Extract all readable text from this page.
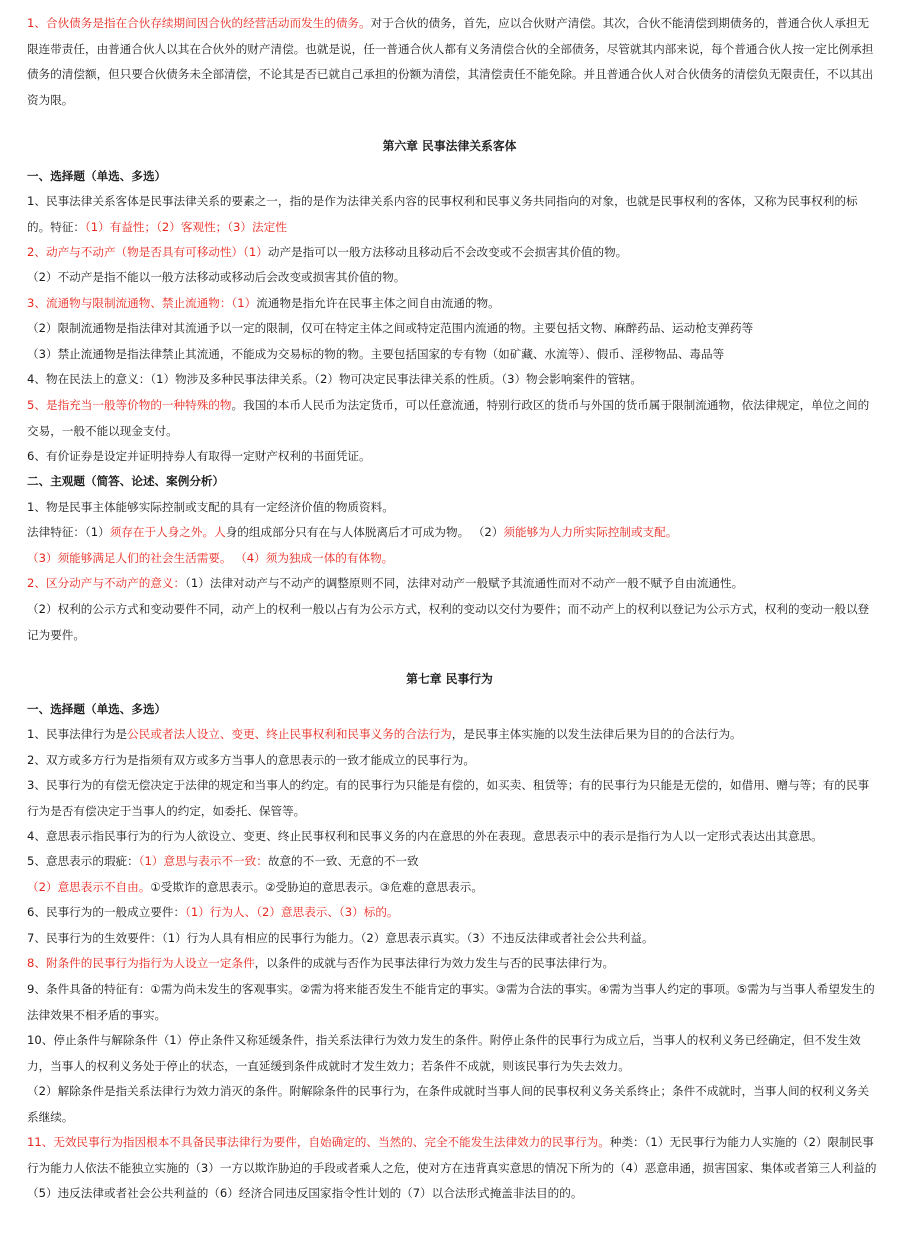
1、合伙债务是指在合伙存续期间因合伙的经营活动而发生的债务。对于合伙的债务，首先，应以合伙财产清偿。其次，合伙不能清偿到期债务的，普通合伙人承担无限连带责任，由普通合伙人以其在合伙外的财产清偿。也就是说，任一普通合伙人都有义务清偿合伙的全部债务，尽管就其内部来说，每个普通合伙人按一定比例承担债务的清偿额，但只要合伙债务未全部清偿，不论其是否已就自己承担的份额为清偿，其清偿责任不能免除。并且普通合伙人对合伙债务的清偿负无限责任，不以其出资为限。

第六章 民事法律关系客体

一、选择题（单选、多选）

1、民事法律关系客体是民事法律关系的要素之一，指的是作为法律关系内容的民事权利和民事义务共同指向的对象，也就是民事权利的客体，又称为民事权利的标的。特征：（1）有益性；（2）客观性；（3）法定性

2、动产与不动产（物是否具有可移动性）（1）动产是指可以一般方法移动且移动后不会改变或不会损害其价值的物。

（2）不动产是指不能以一般方法移动或移动后会改变或损害其价值的物。

3、流通物与限制流通物、禁止流通物：（1）流通物是指允许在民事主体之间自由流通的物。

（2）限制流通物是指法律对其流通予以一定的限制，仅可在特定主体之间或特定范围内流通的物。主要包括文物、麻醉药品、运动枪支弹药等

（3）禁止流通物是指法律禁止其流通，不能成为交易标的物的物。主要包括国家的专有物（如矿藏、水流等）、假币、淫秽物品、毒品等

4、物在民法上的意义：（1）物涉及多种民事法律关系。（2）物可决定民事法律关系的性质。（3）物会影响案件的管辖。

5、是指充当一般等价物的一种特殊的物。我国的本币人民币为法定货币，可以任意流通，特别行政区的货币与外国的货币属于限制流通物，依法律规定，单位之间的交易，一般不能以现金支付。

6、有价证券是设定并证明持券人有取得一定财产权利的书面凭证。

二、主观题（简答、论述、案例分析）

1、物是民事主体能够实际控制或支配的具有一定经济价值的物质资料。

法律特征：（1）须存在于人身之外。人身的组成部分只有在与人体脱离后才可成为物。 （2）须能够为人力所实际控制或支配。

（3）须能够满足人们的社会生活需要。 （4）须为独成一体的有体物。

2、区分动产与不动产的意义：（1）法律对动产与不动产的调整原则不同，法律对动产一般赋予其流通性而对不动产一般不赋予自由流通性。

（2）权利的公示方式和变动要件不同，动产上的权利一般以占有为公示方式，权利的变动以交付为要件；而不动产上的权利以登记为公示方式，权利的变动一般以登记为要件。

第七章 民事行为

一、选择题（单选、多选）

1、民事法律行为是公民或者法人设立、变更、终止民事权利和民事义务的合法行为，是民事主体实施的以发生法律后果为目的的合法行为。

2、双方或多方行为是指须有双方或多方当事人的意思表示的一致才能成立的民事行为。

3、民事行为的有偿无偿决定于法律的规定和当事人的约定。有的民事行为只能是有偿的，如买卖、租赁等；有的民事行为只能是无偿的，如借用、赠与等；有的民事行为是否有偿决定于当事人的约定，如委托、保管等。

4、意思表示指民事行为的行为人欲设立、变更、终止民事权利和民事义务的内在意思的外在表现。意思表示中的表示是指行为人以一定形式表达出其意思。

5、意思表示的瑕疵：（1）意思与表示不一致：故意的不一致、无意的不一致

（2）意思表示不自由。①受欺诈的意思表示。②受胁迫的意思表示。③危难的意思表示。

6、民事行为的一般成立要件：（1）行为人、（2）意思表示、（3）标的。

7、民事行为的生效要件：（1）行为人具有相应的民事行为能力。（2）意思表示真实。（3）不违反法律或者社会公共利益。

8、附条件的民事行为指行为人设立一定条件，以条件的成就与否作为民事法律行为效力发生与否的民事法律行为。

9、条件具备的特征有：①需为尚未发生的客观事实。②需为将来能否发生不能肯定的事实。③需为合法的事实。④需为当事人约定的事项。⑤需为与当事人希望发生的法律效果不相矛盾的事实。

10、停止条件与解除条件（1）停止条件又称延缓条件，指关系法律行为效力发生的条件。附停止条件的民事行为成立后，当事人的权利义务已经确定，但不发生效力，当事人的权利义务处于停止的状态，一直延缓到条件成就时才发生效力；若条件不成就，则该民事行为失去效力。

（2）解除条件是指关系法律行为效力消灭的条件。附解除条件的民事行为，在条件成就时当事人间的民事权利义务关系终止；条件不成就时，当事人间的权利义务关系继续。

11、无效民事行为指因根本不具备民事法律行为要件，自始确定的、当然的、完全不能发生法律效力的民事行为。种类：（1）无民事行为能力人实施的（2）限制民事行为能力人依法不能独立实施的（3）一方以欺诈胁迫的手段或者乘人之危，使对方在违背真实意思的情况下所为的（4）恶意串通，损害国家、集体或者第三人利益的（5）违反法律或者社会公共利益的（6）经济合同违反国家指令性计划的（7）以合法形式掩盖非法目的的。
